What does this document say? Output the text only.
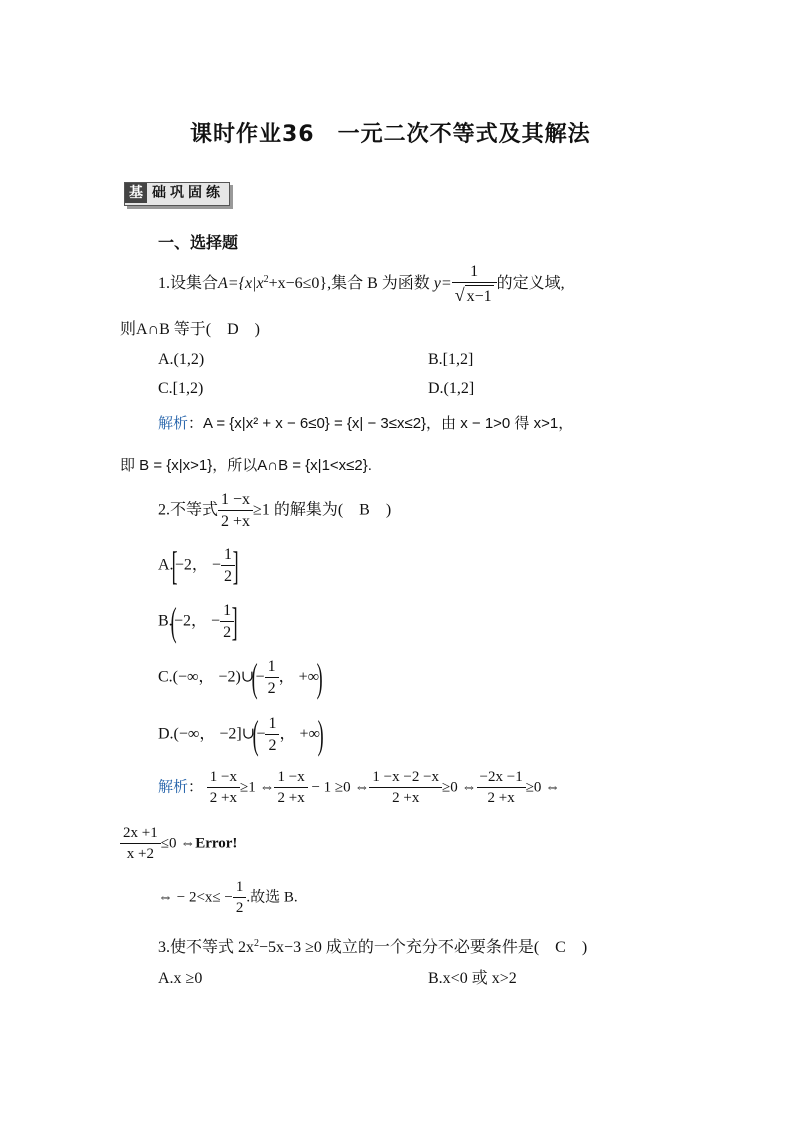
课时作业36　一元二次不等式及其解法
基 础巩固练
一、选择题
1.设集合$A=\{x|x^2+x-6\le 0\}$,集合 B 为函数 $y= \frac{1}{√ x-1}$ 的定义域,
则A∩B 等于(　D　)
A.(1,2)	B.[1,2]
C.[1,2)	D.(1,2]
解析：A = {x|x² + x − 6≤0} = {x| − 3≤x≤2}，由 x − 1>0 得 x>1，
即 B = {x|x>1}，所以A∩B = {x|1<x≤2}.
2.不等式 $\frac{1 -x}{2 +x} \ge 1$ 的解集为(　B　)
A.[−2， − $\frac{1}{2}$
]
B.(−2， − $\frac{1}{2}$
]
C.(−∞， −2)∪(− $\frac{1}{2}$ ， +∞)
D.(−∞， −2]∪(− $\frac{1}{2}$ ， +∞)
解析： $\frac{1 -x}{2 +x} \ge 1$ ⇔ $\frac{1 -x}{2 +x} - 1 \ge 0$ ⇔ $\frac{1 -x -2 -x}{2 +x} \ge 0$ ⇔ $\frac{-2x -1}{2 +x} \ge 0$ ⇔
$\frac{2x +1}{x +2} \le 0$ ⇔Error!
⇔ − $2<x\le - \frac{1}{2}$ .故选 B.
3.使不等式 $2x^2-5x-3 \ge 0$ 成立的一个充分不必要条件是(　C　)
A.x ≥0	B.x<0 或 x>2
